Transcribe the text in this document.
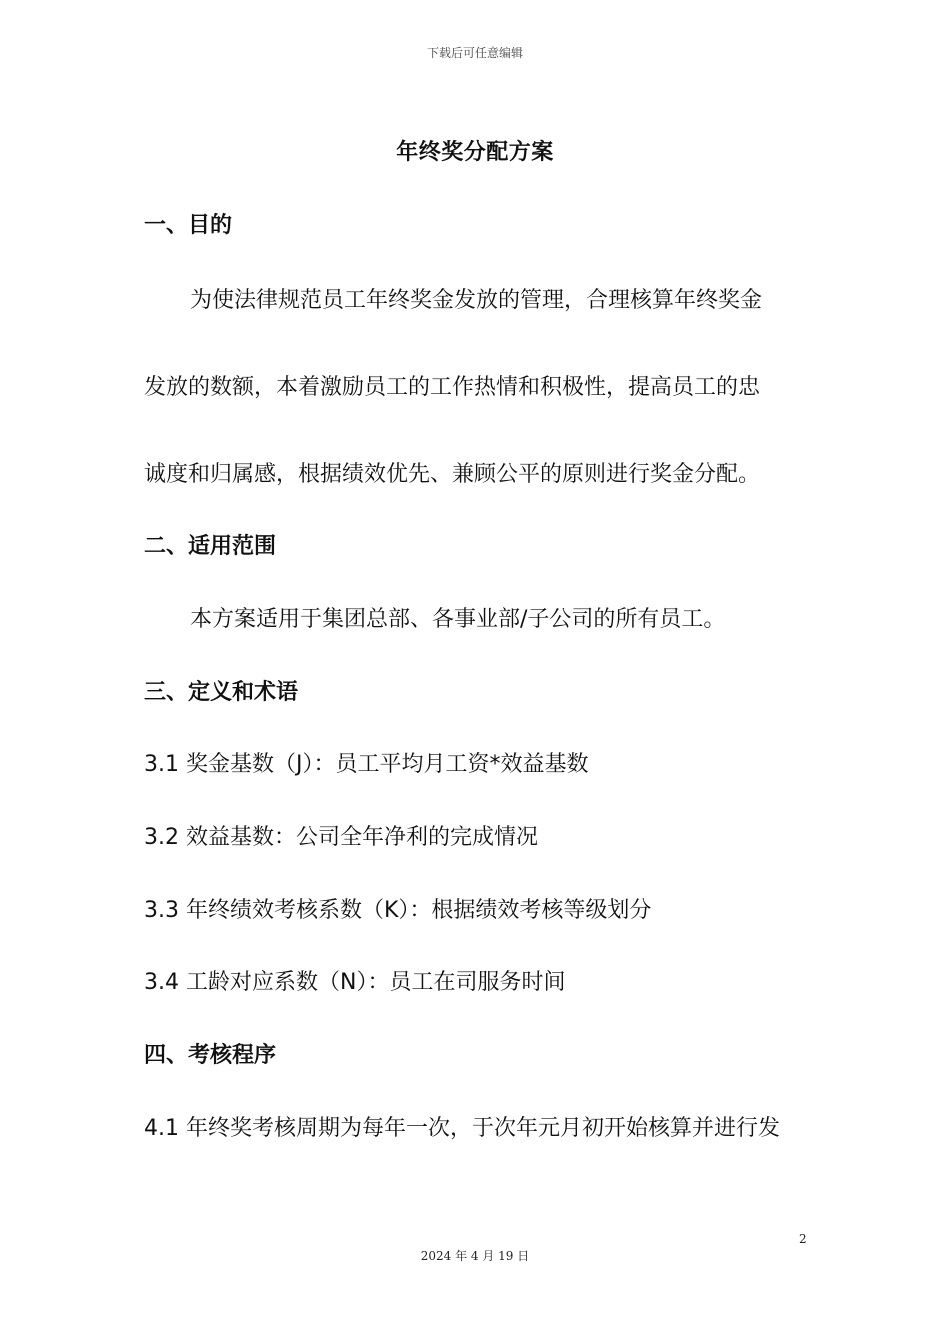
下载后可任意编辑
年终奖分配方案
一、目的
为使法律规范员工年终奖金发放的管理，合理核算年终奖金
发放的数额，本着激励员工的工作热情和积极性，提高员工的忠
诚度和归属感，根据绩效优先、兼顾公平的原则进行奖金分配。
二、适用范围
本方案适用于集团总部、各事业部/子公司的所有员工。
三、定义和术语
3.1 奖金基数（J）：员工平均月工资*效益基数
3.2 效益基数：公司全年净利的完成情况
3.3 年终绩效考核系数（K）：根据绩效考核等级划分
3.4 工龄对应系数（N）：员工在司服务时间
四、考核程序
4.1 年终奖考核周期为每年一次，于次年元月初开始核算并进行发
2
2024 年 4 月 19 日
